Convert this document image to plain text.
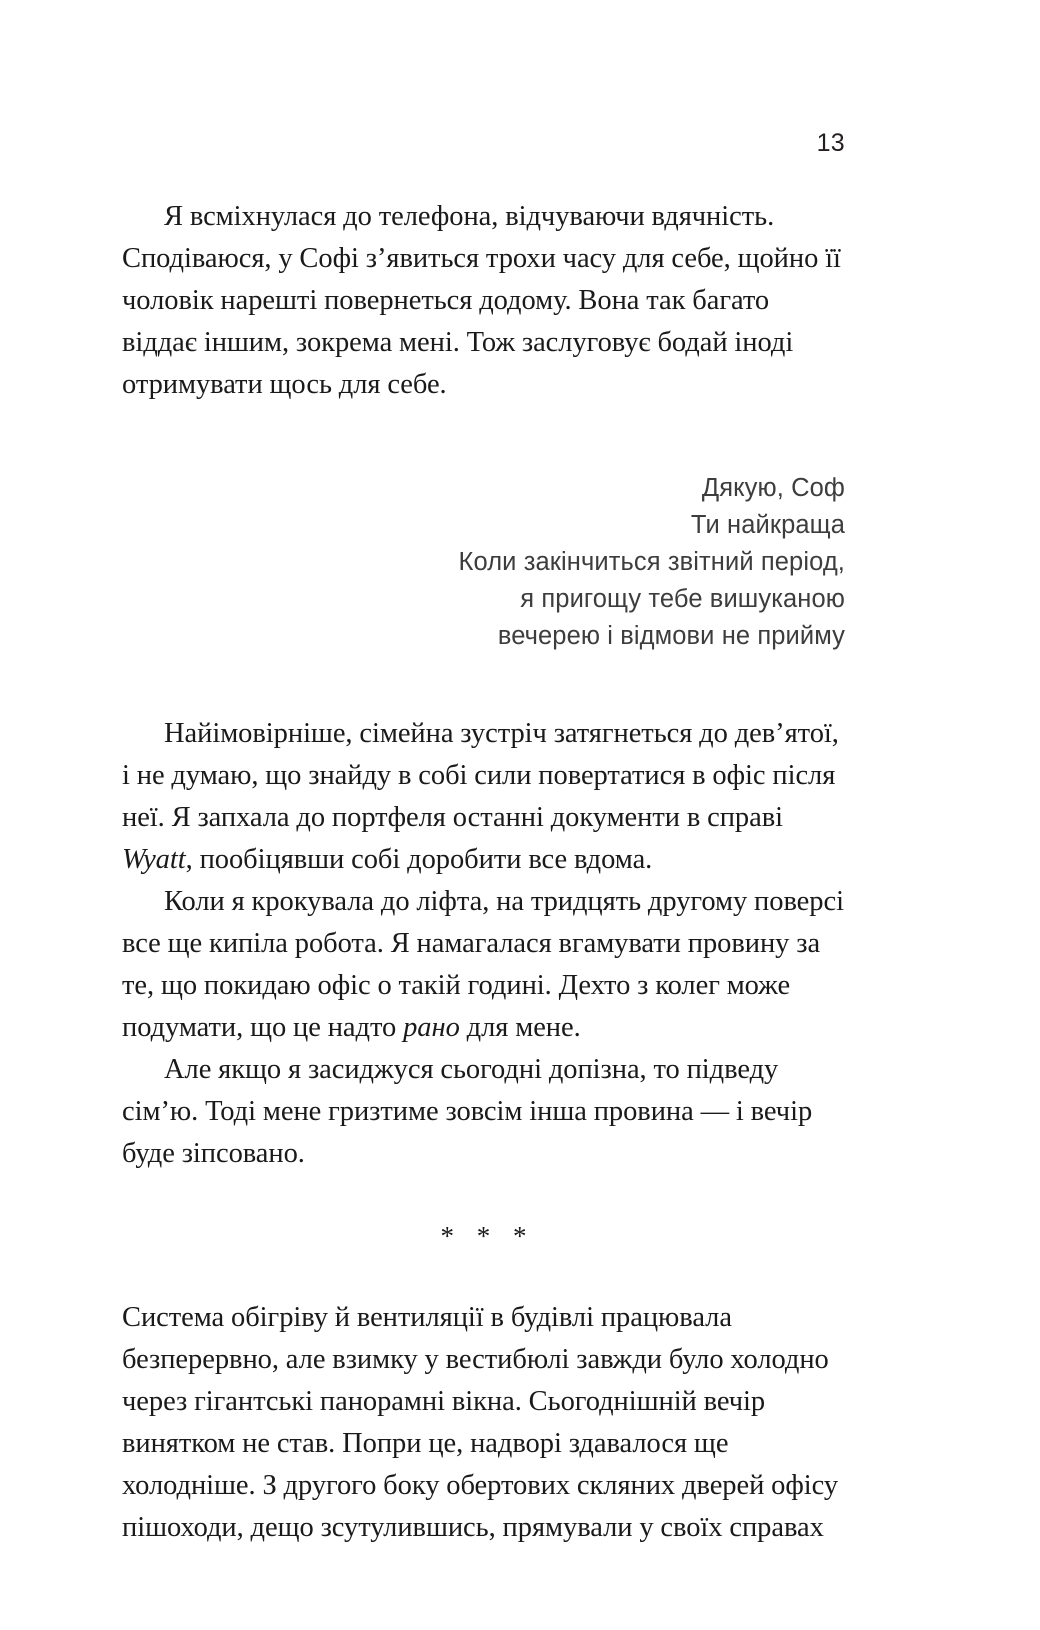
13

Я всміхнулася до телефона, відчуваючи вдячність. Сподіваюся, у Софі з’явиться трохи часу для себе, щойно її чоловік нарешті повернеться додому. Вона так багато віддає іншим, зокрема мені. Тож заслуговує бодай іноді отримувати щось для себе.

Дякую, Соф
Ти найкраща
Коли закінчиться звітний період,
я пригощу тебе вишуканою
вечерею і відмови не прийму

Найімовірніше, сімейна зустріч затягнеться до дев’ятої, і не думаю, що знайду в собі сили повертатися в офіс після неї. Я запхала до портфеля останні документи в справі Wyatt, пообіцявши собі доробити все вдома.

Коли я крокувала до ліфта, на тридцять другому поверсі все ще кипіла робота. Я намагалася вгамувати провину за те, що покидаю офіс о такій годині. Дехто з колег може подумати, що це надто рано для мене.

Але якщо я засиджуся сьогодні допізна, то підведу сім’ю. Тоді мене гризтиме зовсім інша провина — і вечір буде зіпсовано.

* * *

Система обігріву й вентиляції в будівлі працювала безперервно, але взимку у вестибюлі завжди було холодно через гігантські панорамні вікна. Сьогоднішній вечір винятком не став. Попри це, надворі здавалося ще холодніше. З другого боку обертових скляних дверей офісу пішоходи, дещо зсутулившись, прямували у своїх справах
